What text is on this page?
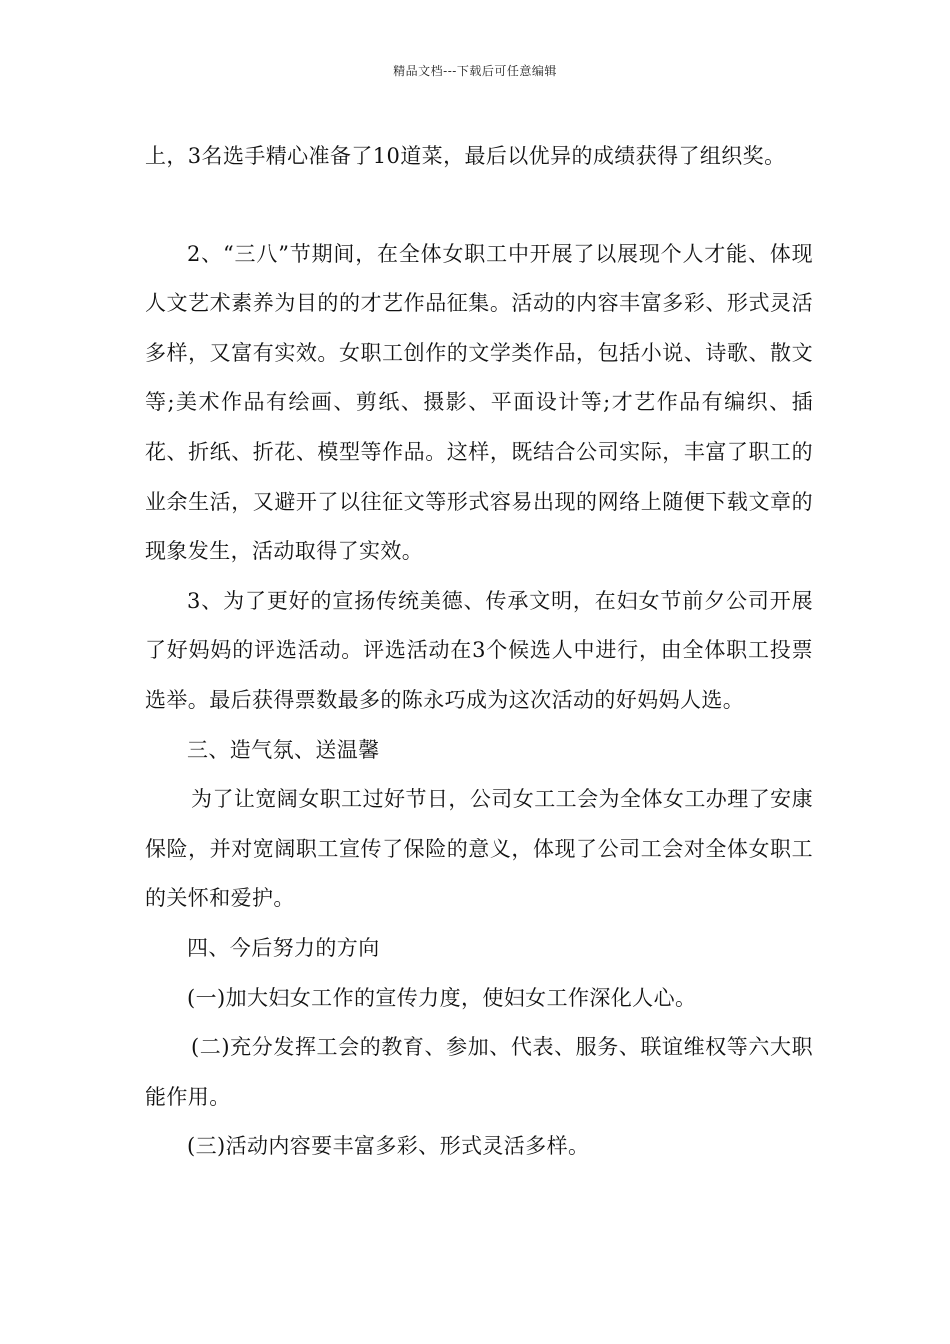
精品文档---下载后可任意编辑

上，3名选手精心准备了10道菜，最后以优异的成绩获得了组织奖。

2、“三八”节期间，在全体女职工中开展了以展现个人才能、体现人文艺术素养为目的的才艺作品征集。活动的内容丰富多彩、形式灵活多样，又富有实效。女职工创作的文学类作品，包括小说、诗歌、散文等;美术作品有绘画、剪纸、摄影、平面设计等;才艺作品有编织、插花、折纸、折花、模型等作品。这样，既结合公司实际，丰富了职工的业余生活，又避开了以往征文等形式容易出现的网络上随便下载文章的现象发生，活动取得了实效。

3、为了更好的宣扬传统美德、传承文明，在妇女节前夕公司开展了好妈妈的评选活动。评选活动在3个候选人中进行，由全体职工投票选举。最后获得票数最多的陈永巧成为这次活动的好妈妈人选。

三、造气氛、送温馨

为了让宽阔女职工过好节日，公司女工工会为全体女工办理了安康保险，并对宽阔职工宣传了保险的意义，体现了公司工会对全体女职工的关怀和爱护。

四、今后努力的方向

(一)加大妇女工作的宣传力度，使妇女工作深化人心。

(二)充分发挥工会的教育、参加、代表、服务、联谊维权等六大职能作用。

(三)活动内容要丰富多彩、形式灵活多样。
